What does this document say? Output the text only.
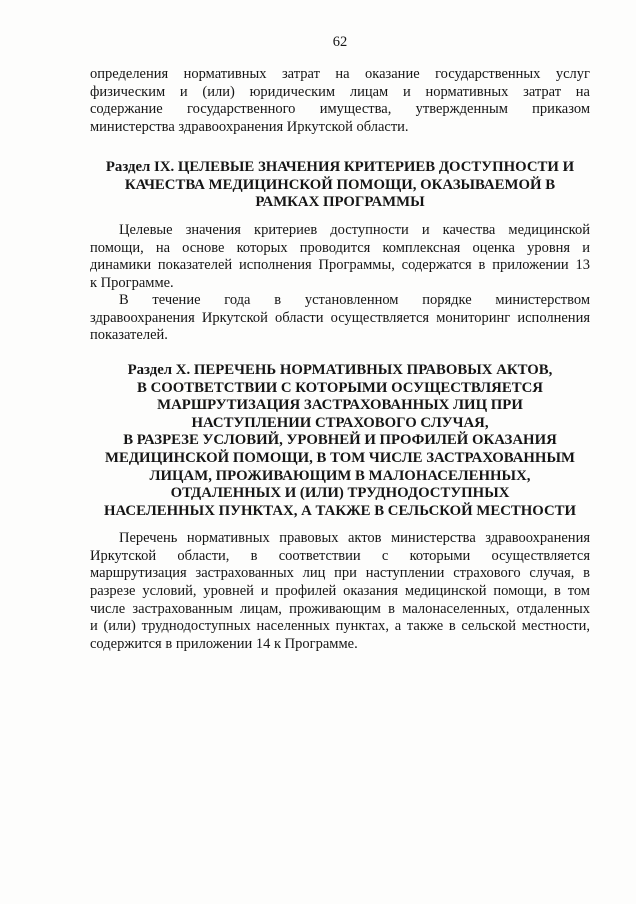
62
определения нормативных затрат на оказание государственных услуг
физическим и (или) юридическим лицам и нормативных затрат на
содержание государственного имущества, утвержденным приказом
министерства здравоохранения Иркутской области.
Раздел IX. ЦЕЛЕВЫЕ ЗНАЧЕНИЯ КРИТЕРИЕВ ДОСТУПНОСТИ И
КАЧЕСТВА МЕДИЦИНСКОЙ ПОМОЩИ, ОКАЗЫВАЕМОЙ В
РАМКАХ ПРОГРАММЫ
Целевые значения критериев доступности и качества медицинской
помощи, на основе которых проводится комплексная оценка уровня и
динамики показателей исполнения Программы, содержатся в приложении 13
к Программе.
В течение года в установленном порядке министерством
здравоохранения Иркутской области осуществляется мониторинг исполнения
показателей.
Раздел X. ПЕРЕЧЕНЬ НОРМАТИВНЫХ ПРАВОВЫХ АКТОВ,
В СООТВЕТСТВИИ С КОТОРЫМИ ОСУЩЕСТВЛЯЕТСЯ
МАРШРУТИЗАЦИЯ ЗАСТРАХОВАННЫХ ЛИЦ ПРИ
НАСТУПЛЕНИИ СТРАХОВОГО СЛУЧАЯ,
В РАЗРЕЗЕ УСЛОВИЙ, УРОВНЕЙ И ПРОФИЛЕЙ ОКАЗАНИЯ
МЕДИЦИНСКОЙ ПОМОЩИ, В ТОМ ЧИСЛЕ ЗАСТРАХОВАННЫМ
ЛИЦАМ, ПРОЖИВАЮЩИМ В МАЛОНАСЕЛЕННЫХ,
ОТДАЛЕННЫХ И (ИЛИ) ТРУДНОДОСТУПНЫХ
НАСЕЛЕННЫХ ПУНКТАХ, А ТАКЖЕ В СЕЛЬСКОЙ МЕСТНОСТИ
Перечень нормативных правовых актов министерства здравоохранения
Иркутской области, в соответствии с которыми осуществляется
маршрутизация застрахованных лиц при наступлении страхового случая, в
разрезе условий, уровней и профилей оказания медицинской помощи, в том
числе застрахованным лицам, проживающим в малонаселенных, отдаленных
и (или) труднодоступных населенных пунктах, а также в сельской местности,
содержится в приложении 14 к Программе.
